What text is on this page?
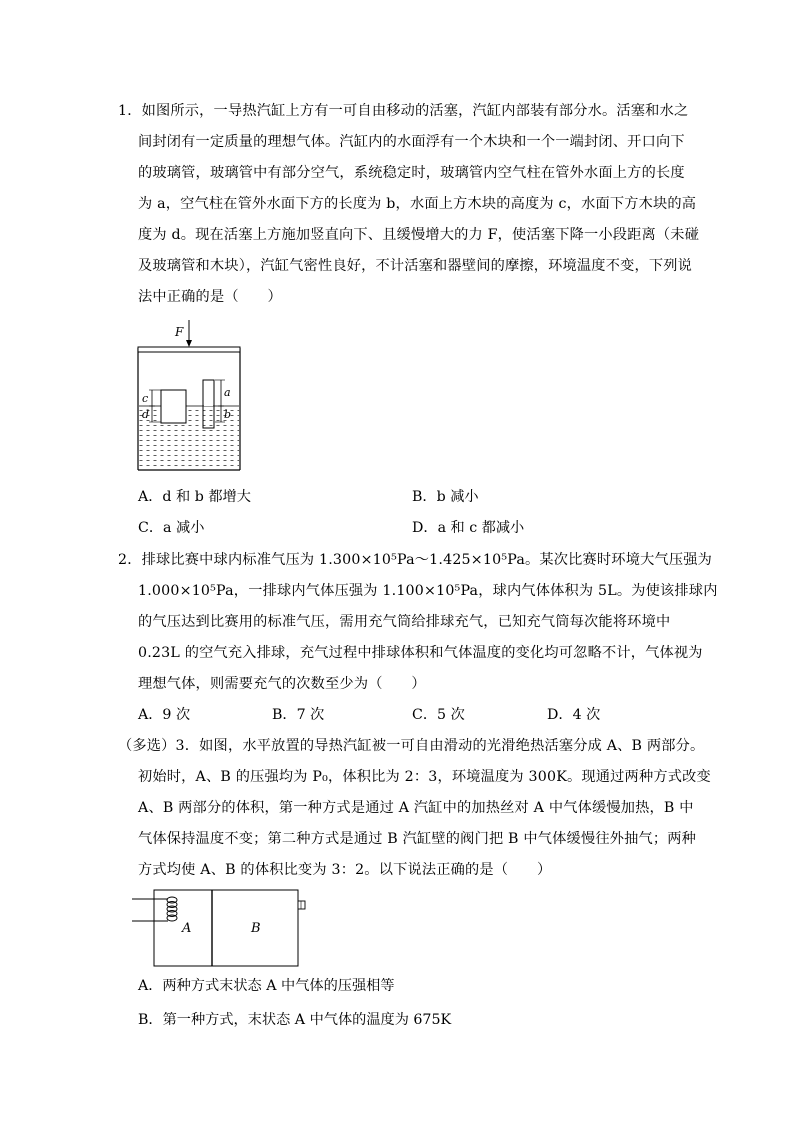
1．如图所示，一导热汽缸上方有一可自由移动的活塞，汽缸内部装有部分水。活塞和水之
间封闭有一定质量的理想气体。汽缸内的水面浮有一个木块和一个一端封闭、开口向下
的玻璃管，玻璃管中有部分空气，系统稳定时，玻璃管内空气柱在管外水面上方的长度
为 a，空气柱在管外水面下方的长度为 b，水面上方木块的高度为 c，水面下方木块的高
度为 d。现在活塞上方施加竖直向下、且缓慢增大的力 F，使活塞下降一小段距离（未碰
及玻璃管和木块），汽缸气密性良好，不计活塞和器壁间的摩擦，环境温度不变，下列说
法中正确的是（　　）
F
c
d
a
b
A．d 和 b 都增大	B．b 减小
C．a 减小	D．a 和 c 都减小
2．排球比赛中球内标准气压为 1.300×10⁵Pa～1.425×10⁵Pa。某次比赛时环境大气压强为
1.000×10⁵Pa，一排球内气体压强为 1.100×10⁵Pa，球内气体体积为 5L。为使该排球内
的气压达到比赛用的标准气压，需用充气筒给排球充气，已知充气筒每次能将环境中
0.23L 的空气充入排球，充气过程中排球体积和气体温度的变化均可忽略不计，气体视为
理想气体，则需要充气的次数至少为（　　）
A．9 次	B．7 次	C．5 次	D．4 次
（多选）3．如图，水平放置的导热汽缸被一可自由滑动的光滑绝热活塞分成 A、B 两部分。
初始时，A、B 的压强均为 P₀，体积比为 2：3，环境温度为 300K。现通过两种方式改变
A、B 两部分的体积，第一种方式是通过 A 汽缸中的加热丝对 A 中气体缓慢加热，B 中
气体保持温度不变；第二种方式是通过 B 汽缸壁的阀门把 B 中气体缓慢往外抽气；两种
方式均使 A、B 的体积比变为 3：2。以下说法正确的是（　　）
A	B
A．两种方式末状态 A 中气体的压强相等
B．第一种方式，末状态 A 中气体的温度为 675K
